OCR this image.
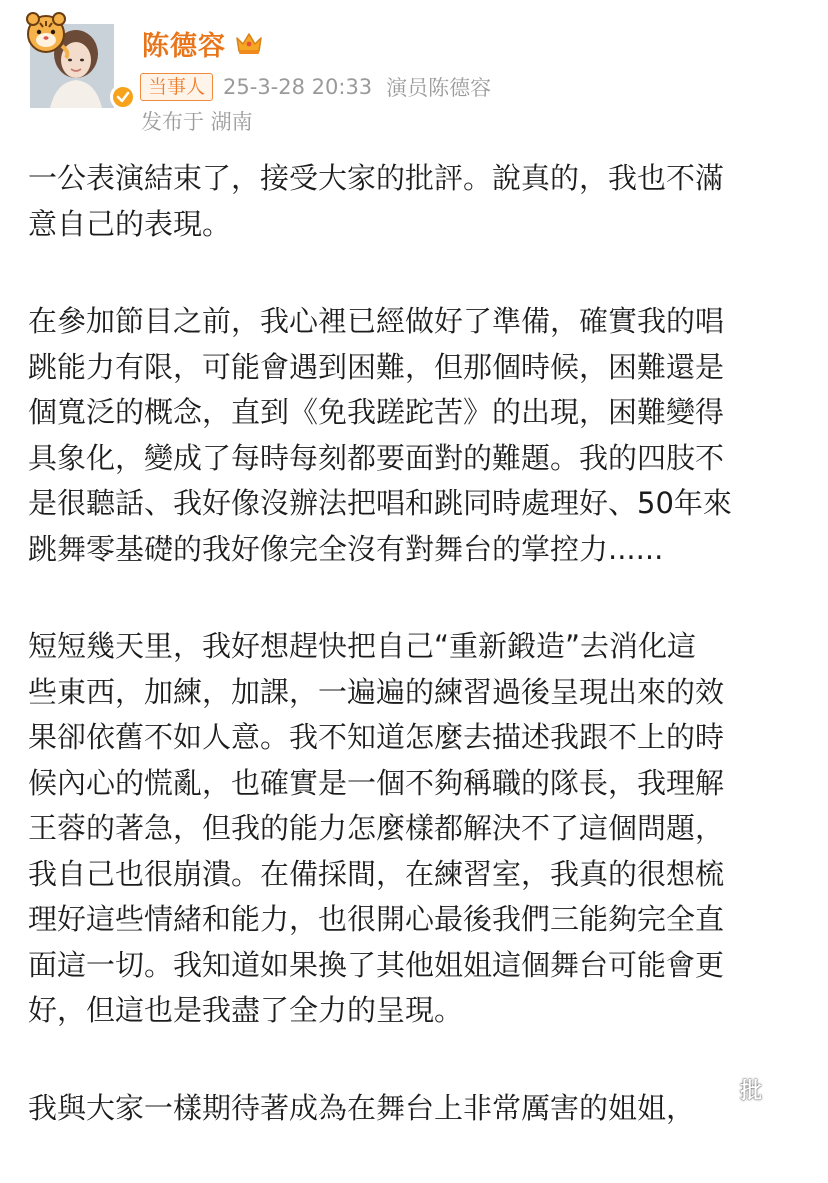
陈德容
当事人 25-3-28 20:33 演员陈德容
发布于 湖南
一公表演結束了，接受大家的批評。說真的，我也不滿
意自己的表現。
在參加節目之前，我心裡已經做好了準備，確實我的唱
跳能力有限，可能會遇到困難，但那個時候，困難還是
個寬泛的概念，直到《免我蹉跎苦》的出現，困難變得
具象化，變成了每時每刻都要面對的難題。我的四肢不
是很聽話、我好像沒辦法把唱和跳同時處理好、50年來
跳舞零基礎的我好像完全沒有對舞台的掌控力......
短短幾天里，我好想趕快把自己“重新鍛造”去消化這
些東西，加練，加課，一遍遍的練習過後呈現出來的效
果卻依舊不如人意。我不知道怎麼去描述我跟不上的時
候內心的慌亂，也確實是一個不夠稱職的隊長，我理解
王蓉的著急，但我的能力怎麼樣都解決不了這個問題，
我自己也很崩潰。在備採間，在練習室，我真的很想梳
理好這些情緒和能力，也很開心最後我們三能夠完全直
面這一切。我知道如果換了其他姐姐這個舞台可能會更
好，但這也是我盡了全力的呈現。
我與大家一樣期待著成為在舞台上非常厲害的姐姐，	批
